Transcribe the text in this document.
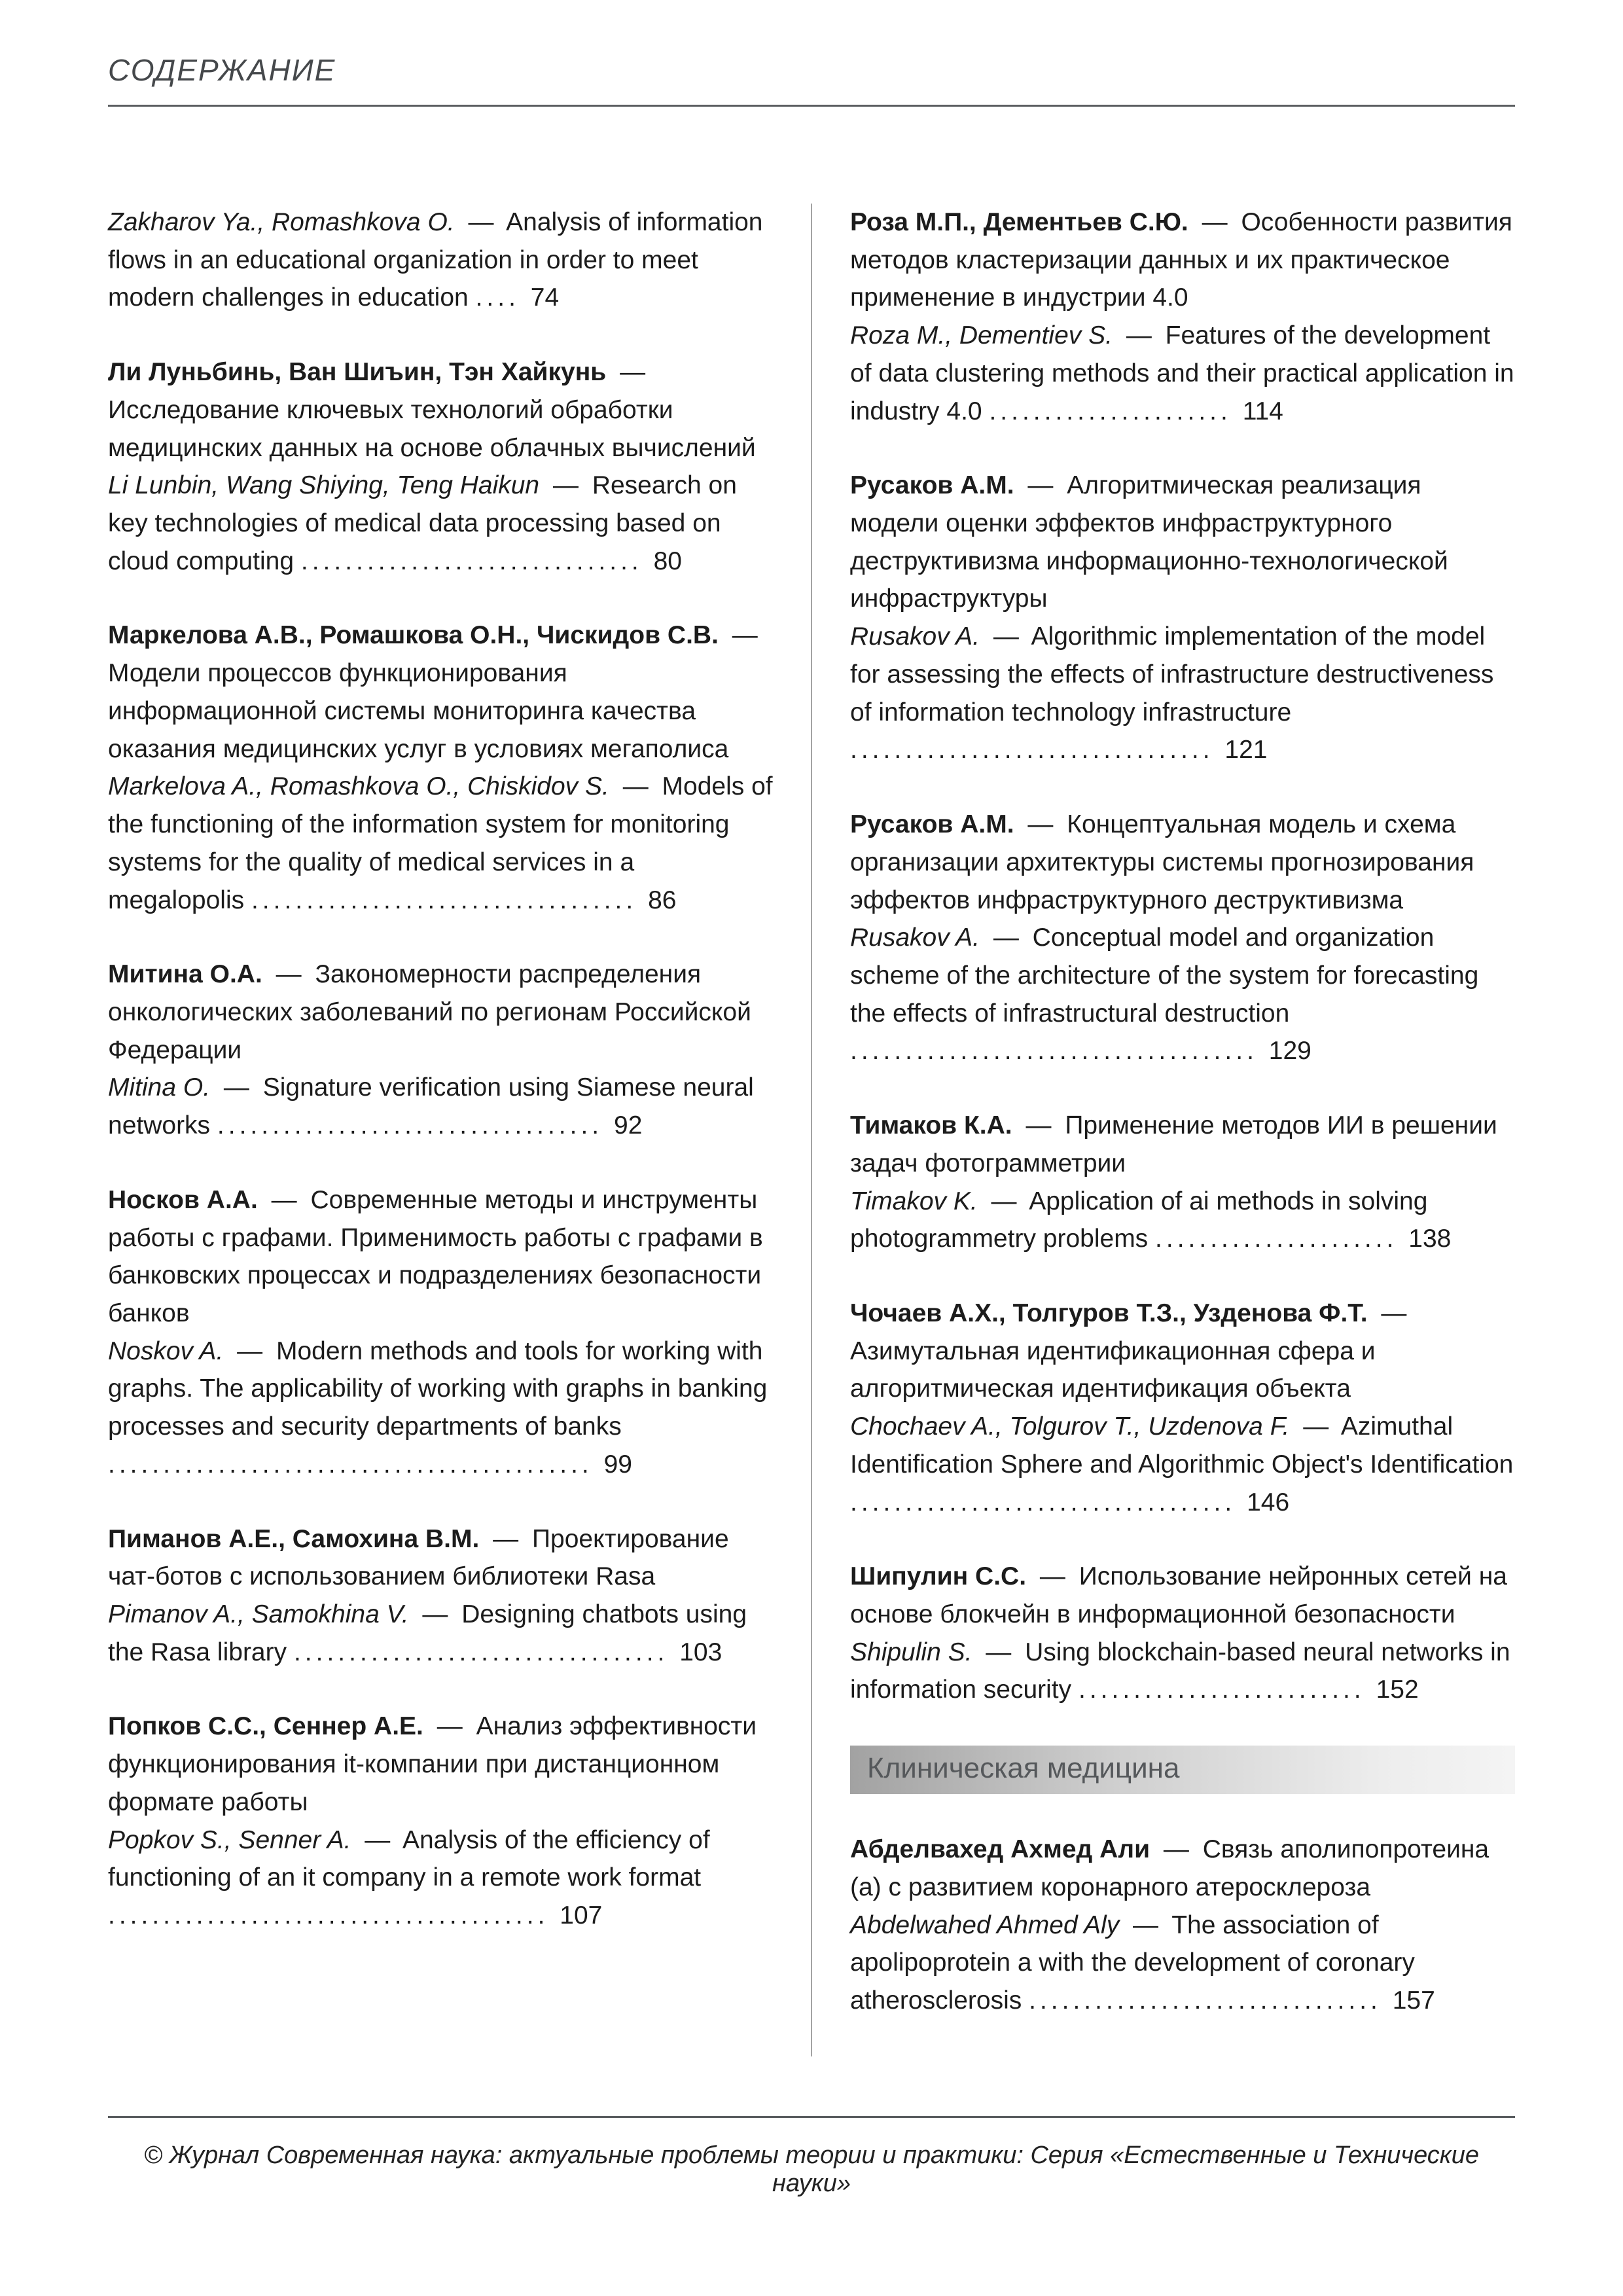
СОДЕРЖАНИЕ

Zakharov Ya., Romashkova O. — Analysis of information flows in an educational organization in order to meet modern challenges in education .... 74

Ли Луньбинь, Ван Шиъин, Тэн Хайкунь — Исследование ключевых технологий обработки медицинских данных на основе облачных вычислений

Li Lunbin, Wang Shiying, Teng Haikun — Research on key technologies of medical data processing based on cloud computing ............................... 80

Маркелова А.В., Ромашкова О.Н., Чискидов С.В. — Модели процессов функционирования информационной системы мониторинга качества оказания медицинских услуг в условиях мегаполиса

Markelova A., Romashkova O., Chiskidov S. — Models of the functioning of the information system for monitoring systems for the quality of medical services in a megalopolis ................................... 86

Митина О.А. — Закономерности распределения онкологических заболеваний по регионам Российской Федерации

Mitina O. — Signature verification using Siamese neural networks ................................... 92

Носков А.А. — Современные методы и инструменты работы с графами. Применимость работы с графами в банковских процессах и подразделениях безопасности банков

Noskov A. — Modern methods and tools for working with graphs. The applicability of working with graphs in banking processes and security departments of banks ............................................ 99

Пиманов А.Е., Самохина В.М. — Проектирование чат-ботов с использованием библиотеки Rasa

Pimanov A., Samokhina V. — Designing chatbots using the Rasa library .................................. 103

Попков С.С., Сеннер А.Е. — Анализ эффективности функционирования it-компании при дистанционном формате работы

Popkov S., Senner A. — Analysis of the efficiency of functioning of an it company in a remote work format ........................................ 107

Роза М.П., Дементьев С.Ю. — Особенности развития методов кластеризации данных и их практическое применение в индустрии 4.0

Roza M., Dementiev S. — Features of the development of data clustering methods and their practical application in industry 4.0 ...................... 114

Русаков А.М. — Алгоритмическая реализация модели оценки эффектов инфраструктурного деструктивизма информационно-технологической инфраструктуры

Rusakov A. — Algorithmic implementation of the model for assessing the effects of infrastructure destructiveness of information technology infrastructure ................................. 121

Русаков А.М. — Концептуальная модель и схема организации архитектуры системы прогнозирования эффектов инфраструктурного деструктивизма

Rusakov A. — Conceptual model and organization scheme of the architecture of the system for forecasting the effects of infrastructural destruction ..................................... 129

Тимаков К.А. — Применение методов ИИ в решении задач фотограмметрии

Timakov K. — Application of ai methods in solving photogrammetry problems ...................... 138

Чочаев А.Х., Толгуров Т.З., Узденова Ф.Т. — Азимутальная идентификационная сфера и алгоритмическая идентификация объекта

Chochaev A., Tolgurov T., Uzdenova F. — Azimuthal Identification Sphere and Algorithmic Object's Identification ................................... 146

Шипулин С.С. — Использование нейронных сетей на основе блокчейн в информационной безопасности

Shipulin S. — Using blockchain-based neural networks in information security .......................... 152

Клиническая медицина

Абделвахед Ахмед Али — Связь аполипопротеина (а) с развитием коронарного атеросклероза

Abdelwahed Ahmed Aly — The association of apolipoprotein a with the development of coronary atherosclerosis ................................ 157

© Журнал Современная наука: актуальные проблемы теории и практики: Серия «Естественные и Технические науки»
